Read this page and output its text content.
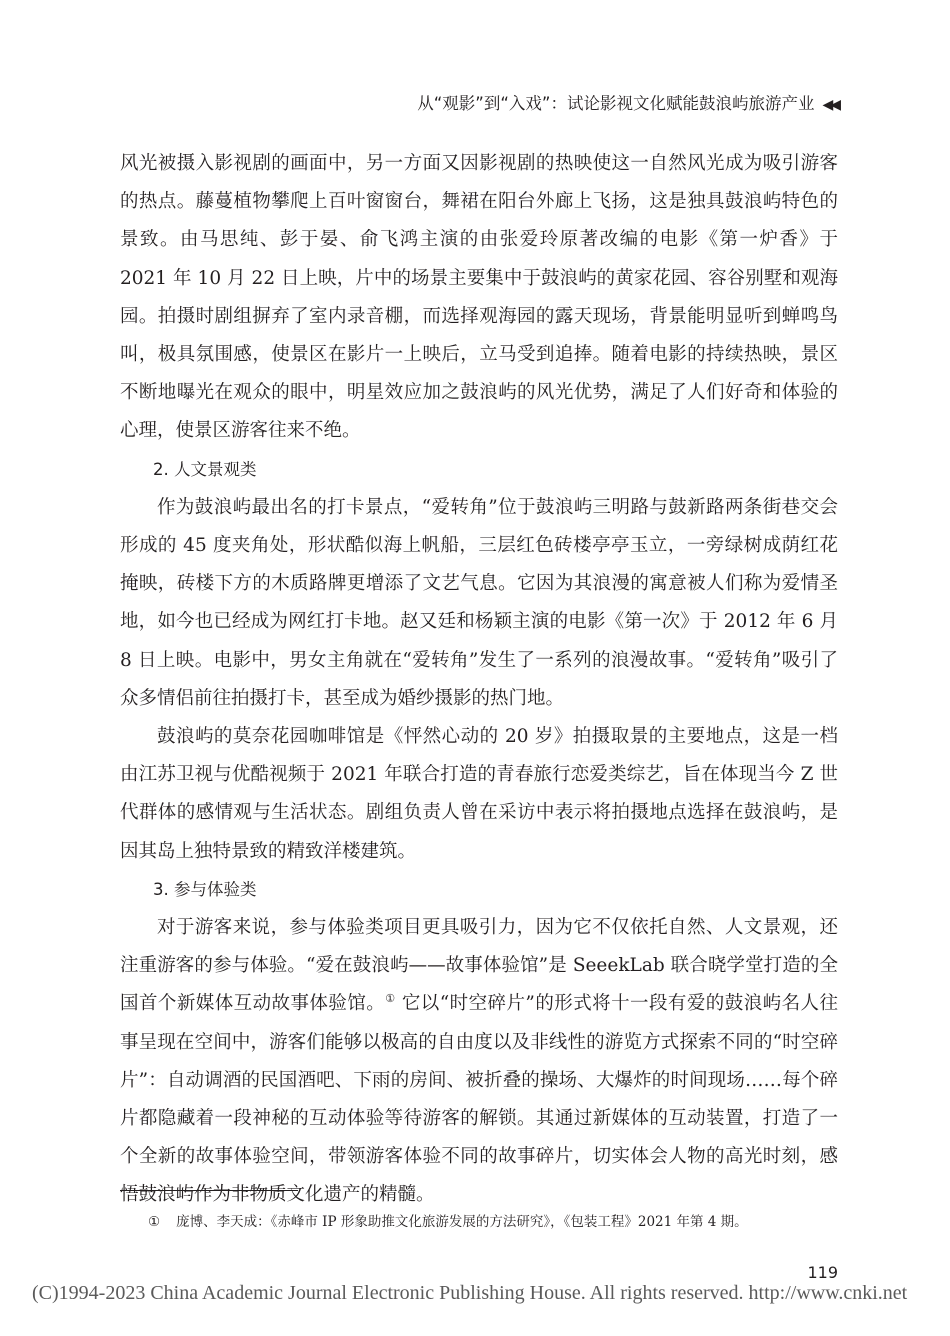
从“观影”到“入戏”：试论影视文化赋能鼓浪屿旅游产业 ◀◀

风光被摄入影视剧的画面中，另一方面又因影视剧的热映使这一自然风光成为吸引游客的热点。藤蔓植物攀爬上百叶窗窗台，舞裙在阳台外廊上飞扬，这是独具鼓浪屿特色的景致。由马思纯、彭于晏、俞飞鸿主演的由张爱玲原著改编的电影《第一炉香》于 2021 年 10 月 22 日上映，片中的场景主要集中于鼓浪屿的黄家花园、容谷别墅和观海园。拍摄时剧组摒弃了室内录音棚，而选择观海园的露天现场，背景能明显听到蝉鸣鸟叫，极具氛围感，使景区在影片一上映后，立马受到追捧。随着电影的持续热映，景区不断地曝光在观众的眼中，明星效应加之鼓浪屿的风光优势，满足了人们好奇和体验的心理，使景区游客往来不绝。

2. 人文景观类

作为鼓浪屿最出名的打卡景点，“爱转角”位于鼓浪屿三明路与鼓新路两条街巷交会形成的 45 度夹角处，形状酷似海上帆船，三层红色砖楼亭亭玉立，一旁绿树成荫红花掩映，砖楼下方的木质路牌更增添了文艺气息。它因为其浪漫的寓意被人们称为爱情圣地，如今也已经成为网红打卡地。赵又廷和杨颖主演的电影《第一次》于 2012 年 6 月 8 日上映。电影中，男女主角就在“爱转角”发生了一系列的浪漫故事。“爱转角”吸引了众多情侣前往拍摄打卡，甚至成为婚纱摄影的热门地。

鼓浪屿的莫奈花园咖啡馆是《怦然心动的 20 岁》拍摄取景的主要地点，这是一档由江苏卫视与优酷视频于 2021 年联合打造的青春旅行恋爱类综艺，旨在体现当今 Z 世代群体的感情观与生活状态。剧组负责人曾在采访中表示将拍摄地点选择在鼓浪屿，是因其岛上独特景致的精致洋楼建筑。

3. 参与体验类

对于游客来说，参与体验类项目更具吸引力，因为它不仅依托自然、人文景观，还注重游客的参与体验。“爱在鼓浪屿——故事体验馆”是 SeeekLab 联合晓学堂打造的全国首个新媒体互动故事体验馆。① 它以“时空碎片”的形式将十一段有爱的鼓浪屿名人往事呈现在空间中，游客们能够以极高的自由度以及非线性的游览方式探索不同的“时空碎片”：自动调酒的民国酒吧、下雨的房间、被折叠的操场、大爆炸的时间现场……每个碎片都隐藏着一段神秘的互动体验等待游客的解锁。其通过新媒体的互动装置，打造了一个全新的故事体验空间，带领游客体验不同的故事碎片，切实体会人物的高光时刻，感悟鼓浪屿作为非物质文化遗产的精髓。

① 庞博、李天成：《赤峰市 IP 形象助推文化旅游发展的方法研究》，《包装工程》2021 年第 4 期。
119
(C)1994-2023 China Academic Journal Electronic Publishing House. All rights reserved. http://www.cnki.net
